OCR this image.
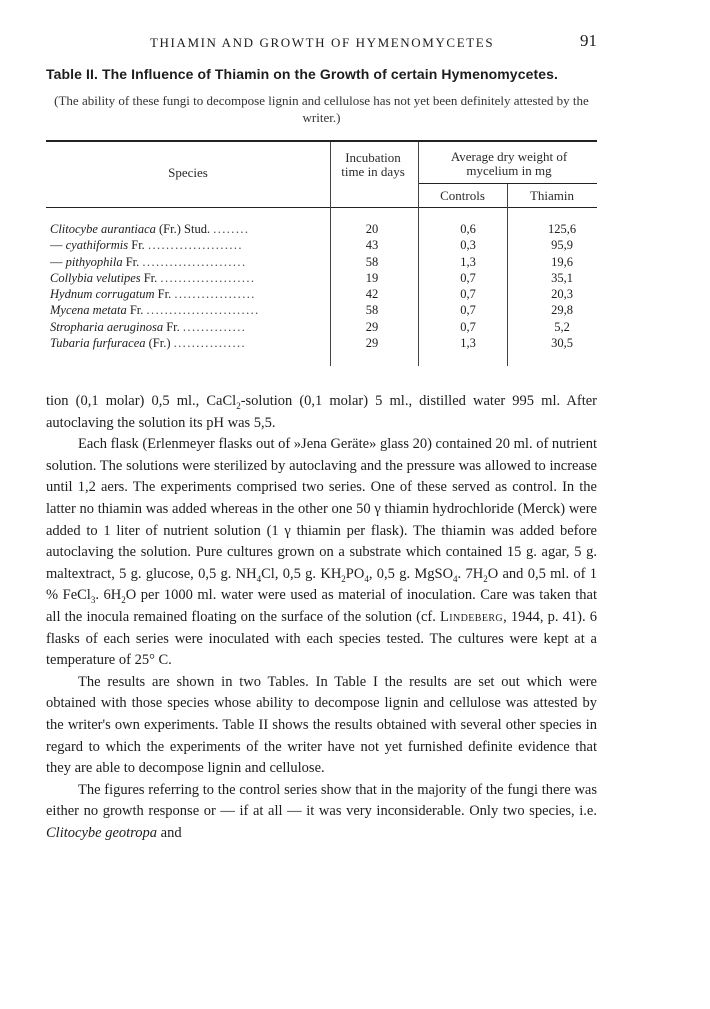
THIAMIN AND GROWTH OF HYMENOMYCETES	91
Table II. The Influence of Thiamin on the Growth of certain Hymenomycetes.
(The ability of these fungi to decompose lignin and cellulose has not yet been definitely attested by the writer.)
Species
Incubation time in days
Average dry weight of mycelium in mg
Controls	Thiamin
Clitocybe aurantiaca (Fr.) Stud. ........	20	0,6	125,6
— cyathiformis Fr. .....................	43	0,3	95,9
— pithyophila Fr. .......................	58	1,3	19,6
Collybia velutipes Fr. .....................	19	0,7	35,1
Hydnum corrugatum Fr. ..................	42	0,7	20,3
Mycena metata Fr. .........................	58	0,7	29,8
Stropharia aeruginosa Fr. ..............	29	0,7	5,2
Tubaria furfuracea (Fr.) ................	29	1,3	30,5

tion (0,1 molar) 0,5 ml., CaCl$_2$-solution (0,1 molar) 5 ml., distilled water 995 ml. After autoclaving the solution its pH was 5,5.

Each flask (Erlenmeyer flasks out of »Jena Geräte» glass 20) contained 20 ml. of nutrient solution. The solutions were sterilized by autoclaving and the pressure was allowed to increase until 1,2 aers. The experiments comprised two series. One of these served as control. In the latter no thiamin was added whereas in the other one 50 γ thiamin hydrochloride (Merck) were added to 1 liter of nutrient solution (1 γ thiamin per flask). The thiamin was added before autoclaving the solution. Pure cultures grown on a substrate which contained 15 g. agar, 5 g. maltextract, 5 g. glucose, 0,5 g. $NH_4Cl$, 0,5 g. $KH_2PO_4$, 0,5 g. MgSO$_4$. $7H_2O$ and 0,5 ml. of 1 % FeCl$_3$. $6H_2O$ per 1000 ml. water were used as material of inoculation. Care was taken that all the inocula remained floating on the surface of the solution (cf. Lindeberg, 1944, p. 41). 6 flasks of each series were inoculated with each species tested. The cultures were kept at a temperature of 25° C.

The results are shown in two Tables. In Table I the results are set out which were obtained with those species whose ability to decompose lignin and cellulose was attested by the writer's own experiments. Table II shows the results obtained with several other species in regard to which the experiments of the writer have not yet furnished definite evidence that they are able to decompose lignin and cellulose.

The figures referring to the control series show that in the majority of the fungi there was either no growth response or — if at all — it was very inconsiderable. Only two species, i.e. Clitocybe geotropa and
